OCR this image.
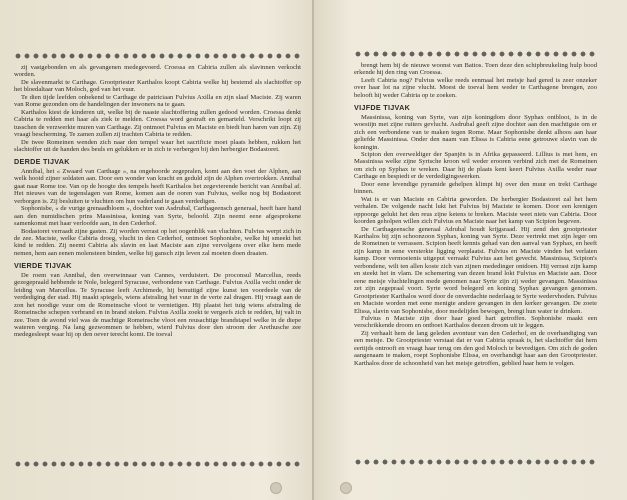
zij vastgebonden en als gevangenen medegevoerd. Croessa en Cabiria zullen als slavinnen verkocht worden.

De slavenmarkt te Carthage. Grootpriester Karthalos koopt Cabiria welke hij bestemd als slachtoffer op het bloedaltaar van Moloch, god van het vuur.

Te dien tijde leefden onbekend te Carthage de patriciaan Fulvius Axilla en zijn slaaf Maciste. Zij waren van Rome gezonden om de handelingen der inwoners na te gaan.

Karthalos kiest de kinderen uit, welke bij de naaste slachtoffering zullen gedood worden. Croessa denkt Cabiria te redden met haar als ziek te melden. Croessa word gestraft en gemarteld. Verschrikt loopt zij tusschen de verzwerkte muren van Carthage. Zij ontmoet Fulvius en Maciste en biedt hun haren van zijn. Zij vraagt bescherming. Te zamen zullen zij trachten Cabiria te redden.

De twee Romeinen wenden zich naar den tempel waar het sacrificie moet plaats hebben, rukken het slachtoffer uit de handen des beuls en gelukken er in zich te verbergen bij den herbergier Bodastoret.

DERDE TIJVAK

Annibal, het « Zwaard van Carthage », na ongehoorde zegepralen, komt aan den voet der Alphen, aan welk hooid zijner soldaten aan. Door een wonder van kracht en geduld zijn de Alphen overtrokken. Annibal gaat naar Rome toe. Van op de hoogte des tempels heeft Karthalos het zegevierende bericht van Annibal af. Het nieuws van de tegenslagen van Rome, komen aan de ooren van Fulvius, welke nog bij Bodastoret verborgen is. Zij besluiten te vluchten om hun vaderland te gaan verdedigen.

Sophonisbe, « de vurige grenaadbloem », dochter van Asdrubal, Carthageensch generaal, heeft hare hand aan den numidischen prins Massinissa, koning van Syrte, beloofd. Zijn neemt eene afgesprokene samenkomst met haar verloofde aan, in den Cederhof.

Bodastoret verraadt zijne gasten. Zij worden verrast op het oogenblik van vluchten. Fulvius werpt zich in de zee. Maciste, welke Cabiria droeg, vlucht in den Cederhof, ontmoet Sophonisbe, welke hij smeekt het kind te redden. Zij neemt Cabiria als slavin en laat Maciste aan zijne vervolgens over elke hem mede nemen, hem aan eenen molensteen binden, welke hij gansch zijn leven zal moeten doen draaien.

VIERDE TIJVAK

De roem van Annibal, den overwinnaar van Cannes, verduistert. De proconsul Marcellus, reeds gezegepraald hebbende te Nole, belegerd Syracuse, verbondene van Carthage. Fulvius Axilla vecht onder de leiding van Marcellus. Te Syracuse leeft Archimede, hij benuttigd zijne kunst ten voordeele van de verdediging der stad. Hij maakt spiegels, wiens afstraling het vuur in de verte zal dragen. Hij vraagt aan de zon het noodige vuur om de Romeinsche vloot te vernietigen. Hij plaatst het tuig wiens afstraling de Romeinsche schepen verbrand en in brand steken. Fulvius Axilla zoekt te vergeefs zich te redden, hij valt in zee. Toen de avond viel was de machtige Romeinsche vloot een reusachtige brandstapel welke in de diepe wateren verging. Na lang gezwommen te hebben, wierd Fulvius door den stroom der Arethusche zee medegesleept waar hij op den oever terecht komt. De toeval

brengt hem bij de nieuwe woonst van Battos. Toen deze den schipbreukeling hulp bood erkende hij den ring van Croessa.

Leeft Cabiria nog? Fulvius welke reeds eenmaal het meisje had gered is zeer onzeker over haar lot na zijne vlucht. Moest de toeval hem weder te Carthagene brengen, zoo belooft hij weder Cabiria op te zoeken.

VIJFDE TIJVAK

Massinissa, koning van Syrte, van zijn koningdom door Syphax ontbloot, is in de woestijn met zijne ruiters gevlucht. Asdrubal geeft zijne dochter aan den machtigste om er zich een verbondene van te maken tegen Rome. Maar Sophonisbe denkt alhoos aan haar geliefde Massinissa. Onder den naam van Elissa is Cabiria eene getrouwe slavin van de koningin.

Scipion den overweldiger der Spanjën is in Afrika gepasseerd. Lillius is met hem, en Massinissa welke zijne Syrtsche kroon wil weder erooren verbind zich met de Romeinen om zich op Syphax te wreken. Daar hij de plaats kent keert Fulvius Axilla weder naar Carthage en bespiedt er de verdedigingswerken.

Door eene levendige pyramide gehelpen klimpt hij over den muur en trekt Carthage binnen.

Wat is er van Maciste en Cabiria geworden. De herbergier Bodastoret zal het hem verhalen. De volgende nacht lukt het Fulvius bij Maciste te komen. Door een krenigen oppoorge gelukt het den reus zijne ketens te breken. Maciste weet niets van Cabiria. Door koorden geholpen willen zich Fulvius en Maciste naar het kamp van Scipion begeven.

De Carthageensche generaal Adrubal houdt krijgsraad. Hij zend den grootpriester Karthalos bij zijn schoonzoon Syphax, koning van Syrte. Deze vertrekt met zijn leger om de Romeinen te verrassen. Scipion heeft kennis gehad van den aanval van Syphax, en heeft zijn kamp in eene versterkte ligging verplaatst. Fulvius en Maciste vinden het verlaten kamp. Door vermoeienis uitgeput verraakt Fulvius aan het gevecht. Massinissa, Scipion's verbondene, wilt ten allen koste zich van zijnen mededinger ontdoen. Hij verrast zijn kamp en steekt het in vlam. De schemering van dezen brand lokt Fulvius en Maciste aan. Door eene meisje vluchtelingen mede genomen naar Syrte zijn zij weder gevangen. Massinissa zet zijn zegepraal voort. Syrte word belegerd en koning Syphax gevangen genomen. Grootpriester Karthalos word door de onverdachte nederlaag te Syrte wedervhoden. Fulvius en Maciste worden met eene menigte andere gevangen in den kerker gevangen. De zoete Elissa, slavin van Sophonisbe, door medelijden bewogen, brengt hun water te drinken.

Fulvius n Maciste zijn door haar goed hart getroffen. Sophonisbe maakt een verschrikkende droom en ontboet Karthalos deezen droom uit te leggen.

Zij verhaalt hem de lang geleden avontuur van den Cederhof, en de overhandiging van een meisje. De Grootpriester verstaat dat er van Cabiria spraak is, het slachtoffer dat hem eertijds ontrooft en vraagt haar terug om den god Moloch te bevredigen. Om zich de goden aangenaam te maken, roept Sophonisbe Elissa, en overhandigt haar aan den Grootpriester. Karthalos door de schoonheid van het meisje getroffen, geblied haar hem te volgen.
